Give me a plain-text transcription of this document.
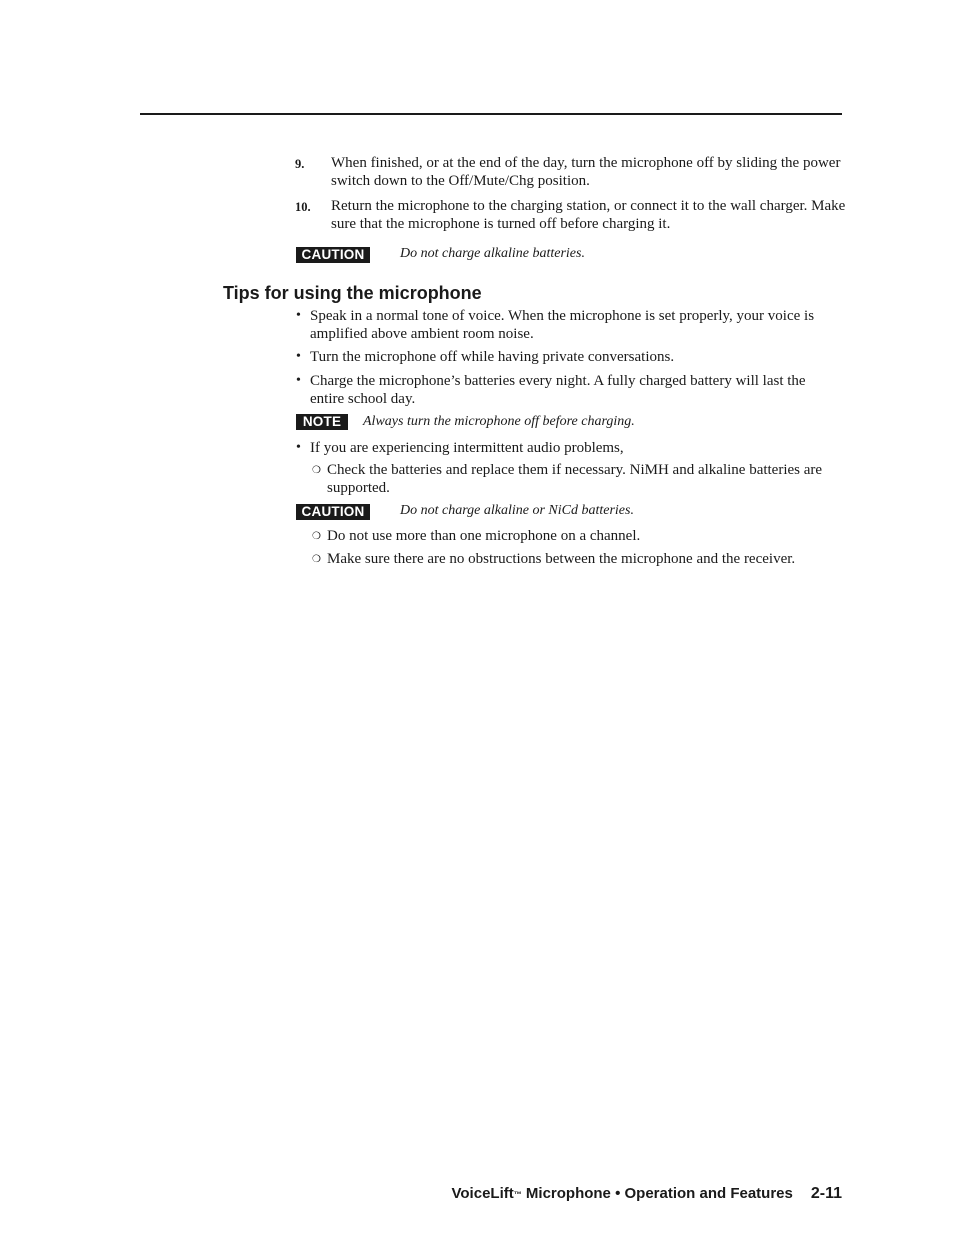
9. When finished, or at the end of the day, turn the microphone off by sliding the power switch down to the Off/Mute/Chg position.
10. Return the microphone to the charging station, or connect it to the wall charger. Make sure that the microphone is turned off before charging it.
CAUTION	Do not charge alkaline batteries.
Tips for using the microphone
• Speak in a normal tone of voice. When the microphone is set properly, your voice is amplified above ambient room noise.
• Turn the microphone off while having private conversations.
• Charge the microphone’s batteries every night. A fully charged battery will last the entire school day.
NOTE	Always turn the microphone off before charging.
• If you are experiencing intermittent audio problems,
❍ Check the batteries and replace them if necessary. NiMH and alkaline batteries are supported.
CAUTION	Do not charge alkaline or NiCd batteries.
❍ Do not use more than one microphone on a channel.
❍ Make sure there are no obstructions between the microphone and the receiver.
VoiceLift™ Microphone • Operation and Features 2-11
